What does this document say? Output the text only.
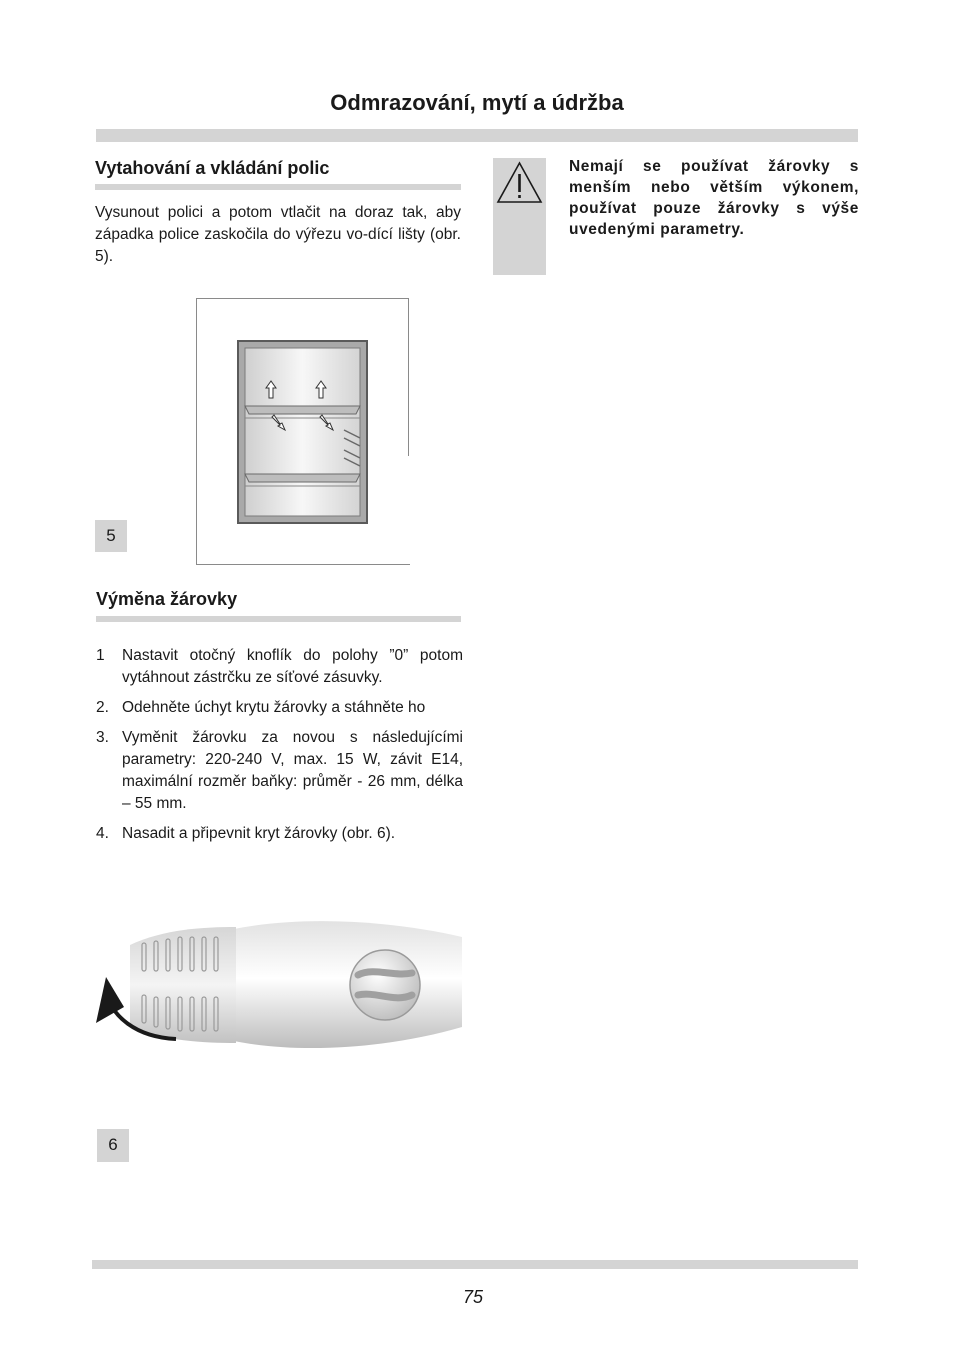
Odmrazování, mytí a údržba
Vytahování a vkládání polic

Vysunout polici a potom vtlačit na doraz tak, aby západka police zaskočila do výřezu vo-dící lišty (obr. 5).

5
Výměna žárovky
1	Nastavit otočný knoflík do polohy ”0” potom vytáhnout zástrčku ze síťové zásuvky.
2. Odehněte úchyt krytu žárovky a stáhněte ho
3. Vyměnit žárovku za novou s následujícími parametry: 220-240 V, max. 15 W, závit E14, maximální rozměr baňky: průměr - 26 mm, délka – 55 mm.
4. Nasadit a připevnit kryt žárovky (obr. 6).
6

Nemají se používat žárovky s menším nebo větším výkonem, používat pouze žárovky s výše uvedenými parametry.

75
